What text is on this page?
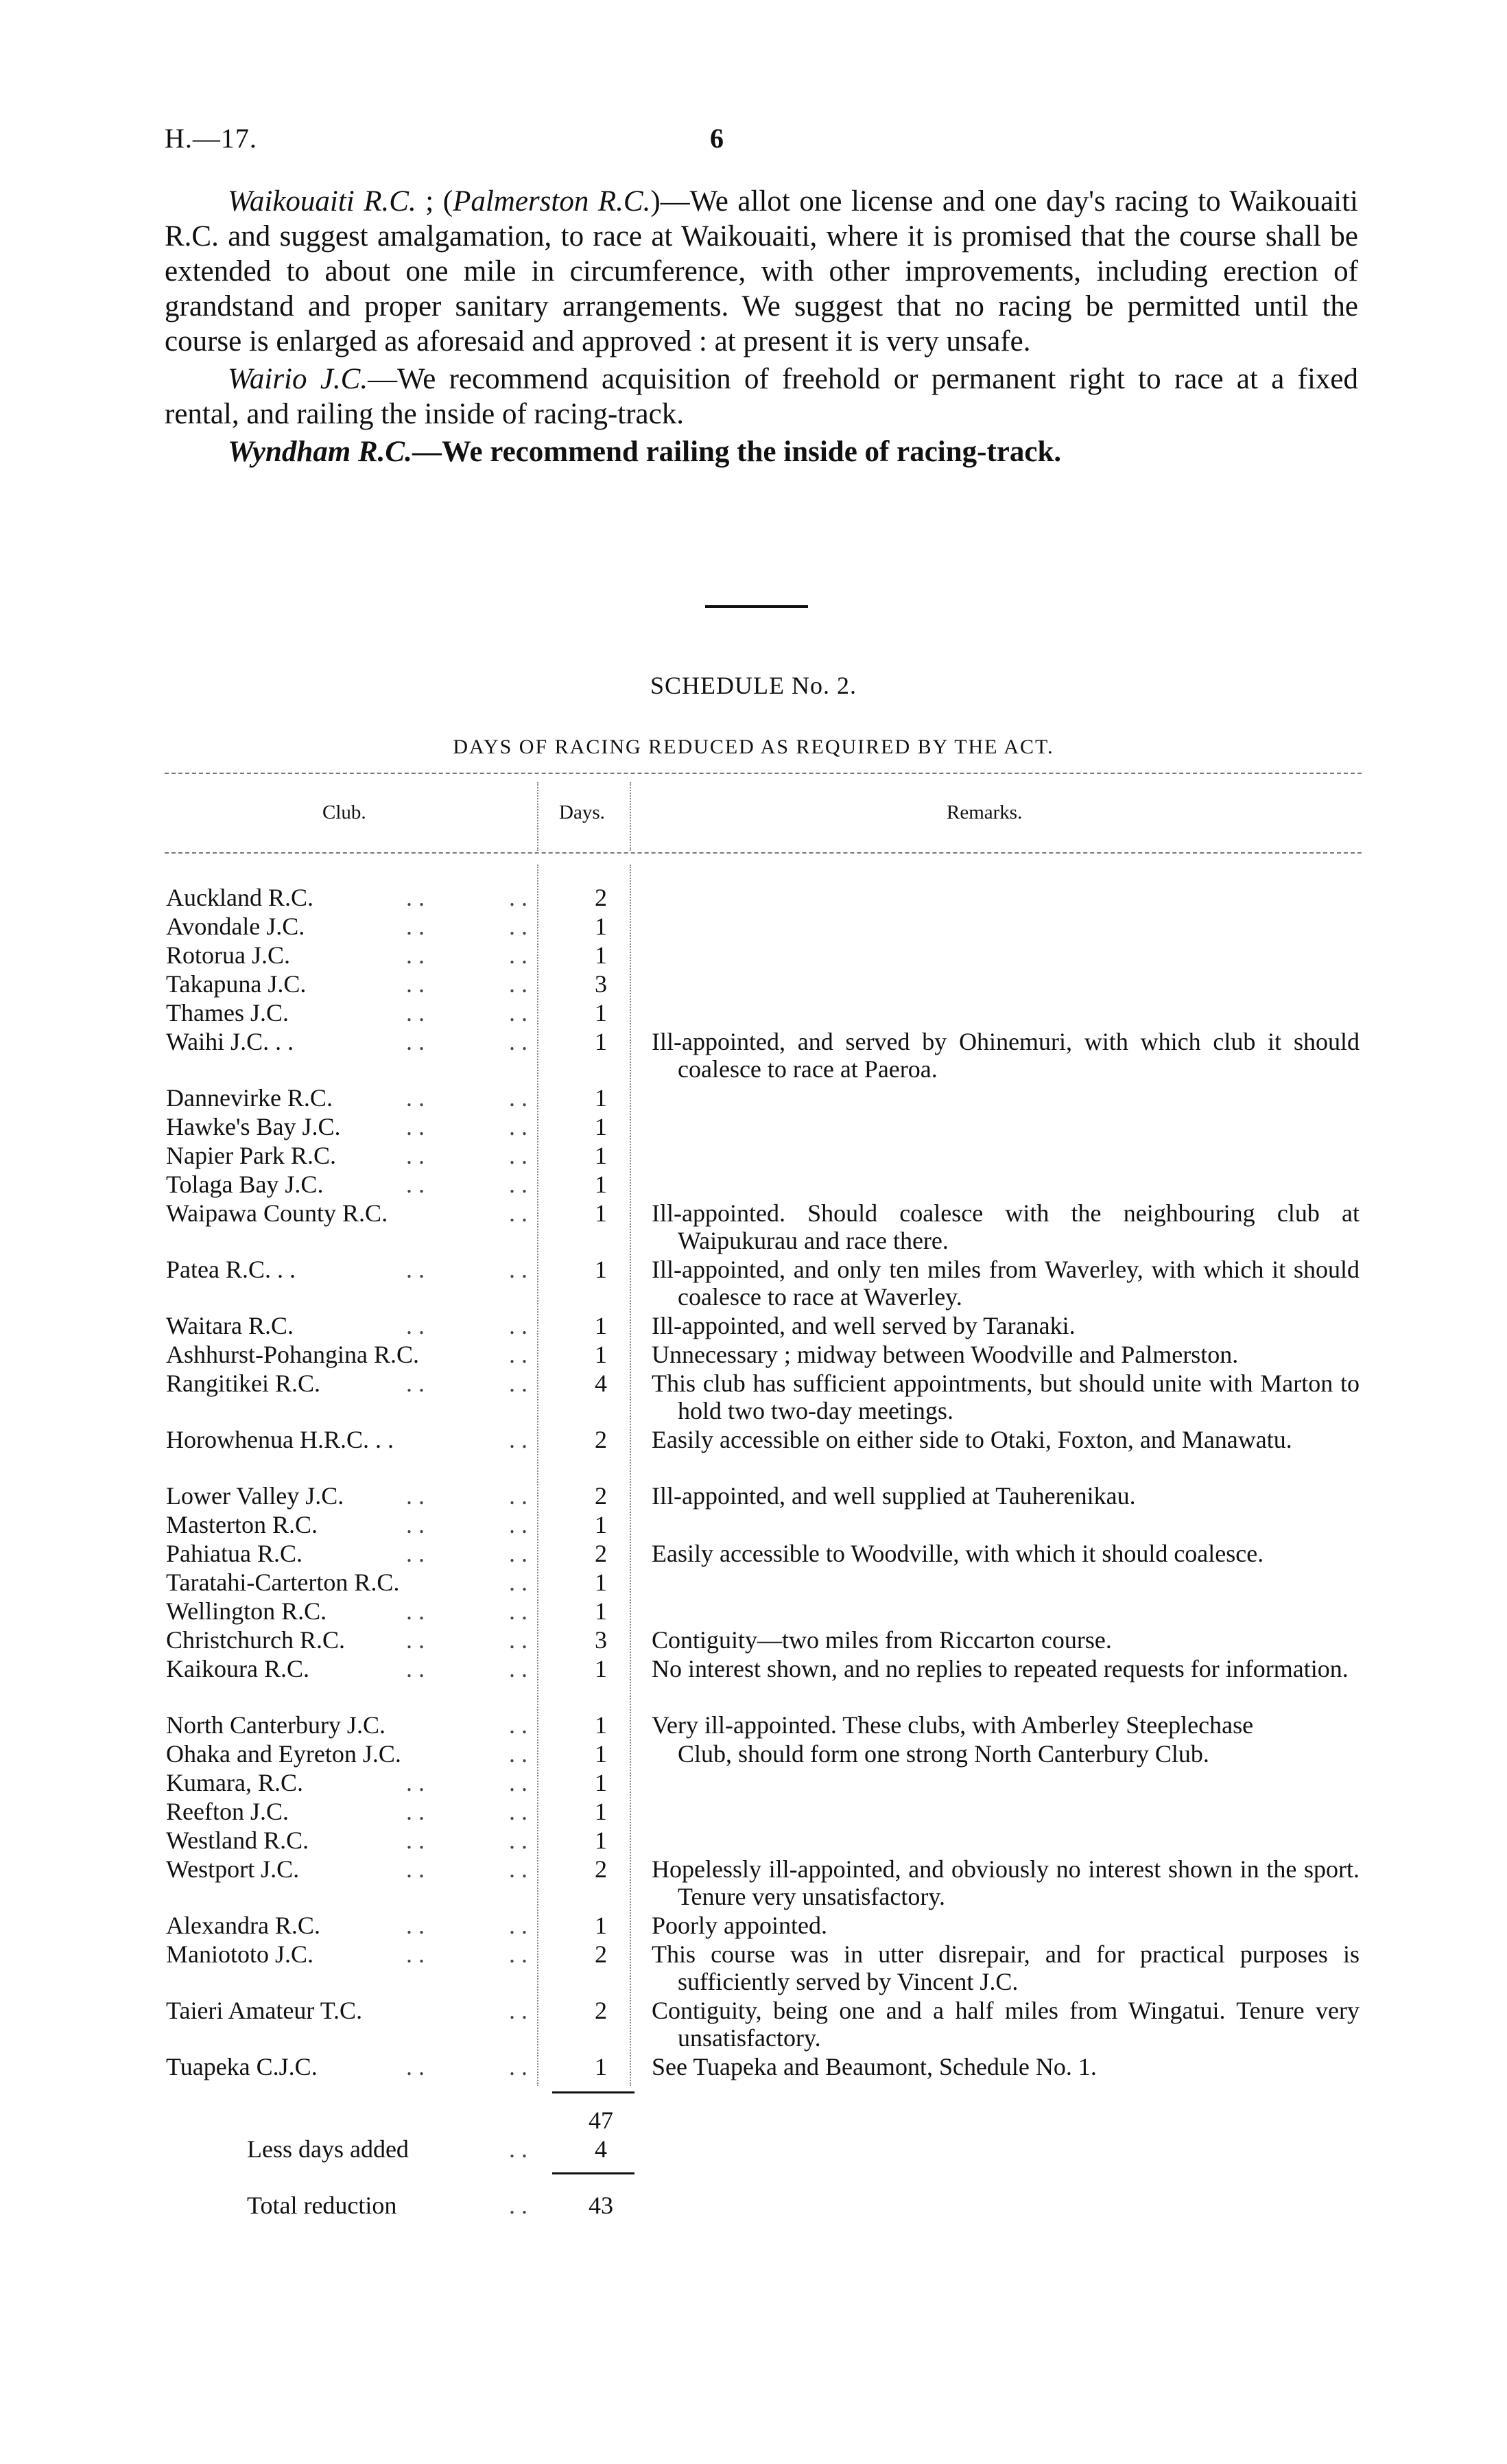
H.—17.	6

Waikouaiti R.C. ; (Palmerston R.C.)—We allot one license and one day's racing to Waikouaiti R.C. and suggest amalgamation, to race at Waikouaiti, where it is promised that the course shall be extended to about one mile in circumference, with other improvements, including erection of grandstand and proper sanitary arrangements. We suggest that no racing be permitted until the course is enlarged as aforesaid and approved : at present it is very unsafe.

Wairio J.C.—We recommend acquisition of freehold or permanent right to race at a fixed rental, and railing the inside of racing-track.

Wyndham R.C.—We recommend railing the inside of racing-track.

SCHEDULE No. 2.
DAYS OF RACING REDUCED AS REQUIRED BY THE ACT.
Club.	Days.	Remarks.
Auckland R.C.	. .	. .	2
Avondale J.C.	. .	. .	1
Rotorua J.C.	. .	. .	1
Takapuna J.C.	. .	. .	3
Thames J.C.	. .	. .	1
Waihi J.C. . .	. .	. .	1	Ill-appointed, and served by Ohinemuri, with which club it should coalesce to race at Paeroa.
Dannevirke R.C.	. .	. .	1
Hawke's Bay J.C.	. .	. .	1
Napier Park R.C.	. .	. .	1
Tolaga Bay J.C.	. .	. .	1
Waipawa County R.C.	. .	1	Ill-appointed. Should coalesce with the neighbouring club at Waipukurau and race there.
Patea R.C. . .	. .	. .	1	Ill-appointed, and only ten miles from Waverley, with which it should coalesce to race at Waverley.
Waitara R.C.	. .	. .	1	Ill-appointed, and well served by Taranaki.
Ashhurst-Pohangina R.C.	. .	1	Unnecessary ; midway between Woodville and Palmerston.
Rangitikei R.C.	. .	. .	4	This club has sufficient appointments, but should unite with Marton to hold two two-day meetings.
Horowhenua H.R.C. . .	. .	2	Easily accessible on either side to Otaki, Foxton, and Manawatu.
Lower Valley J.C.	. .	. .	2	Ill-appointed, and well supplied at Tauherenikau.
Masterton R.C.	. .	. .	1
Pahiatua R.C.	. .	. .	2	Easily accessible to Woodville, with which it should coalesce.
Taratahi-Carterton R.C.	. .	1
Wellington R.C.	. .	. .	1
Christchurch R.C. . .	. .	3	Contiguity—two miles from Riccarton course.
Kaikoura R.C.	. .	. .	1	No interest shown, and no replies to repeated requests for information.
North Canterbury J.C.	. .	1	Very ill-appointed. These clubs, with Amberley Steeplechase
Ohaka and Eyreton J.C.	. .	1	Club, should form one strong North Canterbury Club.
Kumara, R.C.	. .	. .	1
Reefton J.C.	. .	. .	1
Westland R.C.	. .	. .	1
Westport J.C.	. .	. .	2	Hopelessly ill-appointed, and obviously no interest shown in the sport. Tenure very unsatisfactory.
Alexandra R.C.	. .	. .	1	Poorly appointed.
Maniototo J.C.	. .	. .	2	This course was in utter disrepair, and for practical purposes is sufficiently served by Vincent J.C.
Taieri Amateur T.C.	. .	2	Contiguity, being one and a half miles from Wingatui. Tenure very unsatisfactory.
Tuapeka C.J.C.	. .	. .	1	See Tuapeka and Beaumont, Schedule No. 1.
47
Less days added	. .	4
Total reduction	. .	43
